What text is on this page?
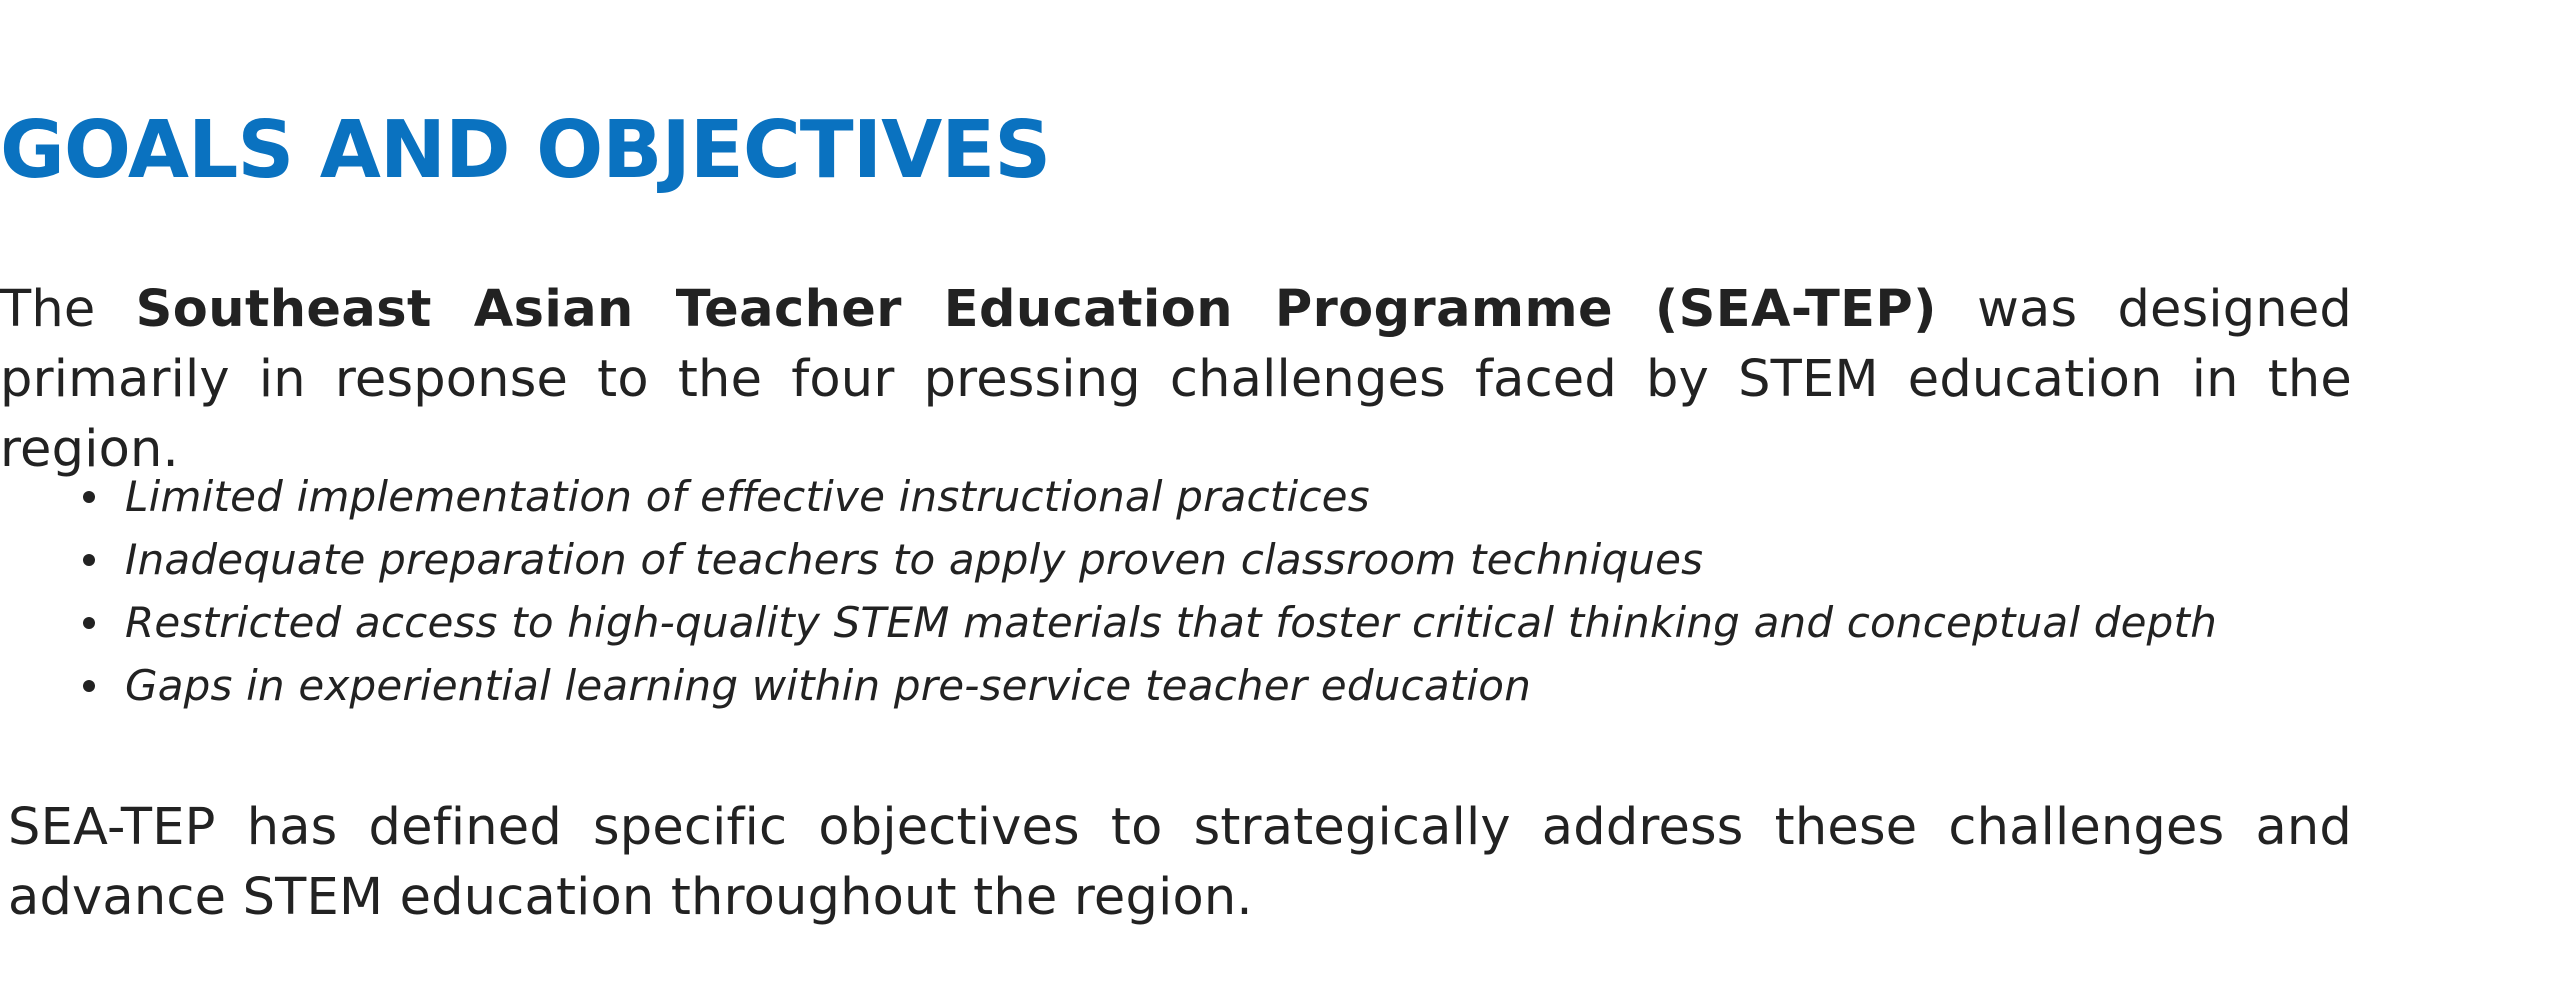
GOALS AND OBJECTIVES

The Southeast Asian Teacher Education Programme (SEA-TEP) was designed primarily in response to the four pressing challenges faced by STEM education in the region.

Limited implementation of effective instructional practices
Inadequate preparation of teachers to apply proven classroom techniques
Restricted access to high-quality STEM materials that foster critical thinking and conceptual depth
Gaps in experiential learning within pre-service teacher education

SEA-TEP has defined specific objectives to strategically address these challenges and advance STEM education throughout the region.
